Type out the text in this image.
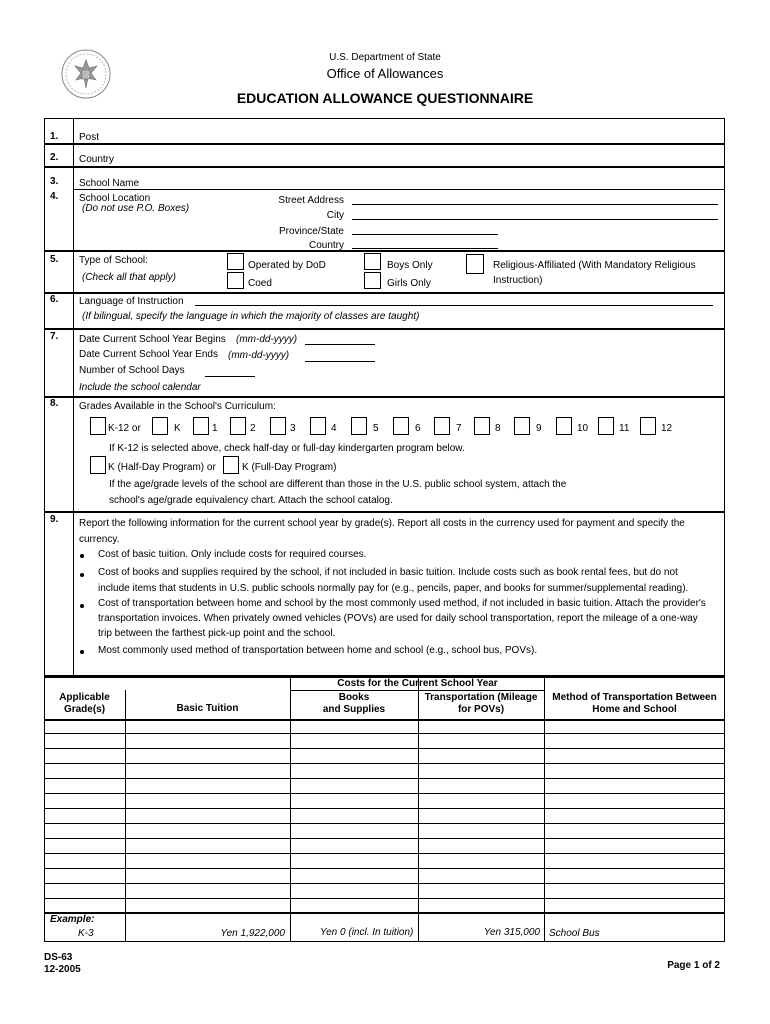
U.S. Department of State
Office of Allowances
EDUCATION ALLOWANCE QUESTIONNAIRE
1. Post
2. Country
3. School Name
4. School Location
(Do not use P.O. Boxes)
Street Address
City
Province/State
Country
5. Type of School:
(Check all that apply)
Operated by DoD
Coed
Boys Only
Girls Only
Religious-Affiliated (With Mandatory Religious
Instruction)
6. Language of Instruction
(If bilingual, specify the language in which the majority of classes are taught)
7. Date Current School Year Begins (mm-dd-yyyy)
Date Current School Year Ends (mm-dd-yyyy)
Number of School Days
Include the school calendar
8. Grades Available in the School's Curriculum:
K-12 or	K	1	2	3	4	5	6	7	8	9	10	11	12
If K-12 is selected above, check half-day or full-day kindergarten program below.
K (Half-Day Program) or	K (Full-Day Program)
If the age/grade levels of the school are different than those in the U.S. public school system, attach the
school's age/grade equivalency chart. Attach the school catalog.
9. Report the following information for the current school year by grade(s). Report all costs in the currency used for payment and specify the
currency.
Cost of basic tuition. Only include costs for required courses.
Cost of books and supplies required by the school, if not included in basic tuition. Include costs such as book rental fees, but do not
include items that students in U.S. public schools normally pay for (e.g., pencils, paper, and books for summer/supplemental reading).
Cost of transportation between home and school by the most commonly used method, if not included in basic tuition. Attach the provider's
transportation invoices. When privately owned vehicles (POVs) are used for daily school transportation, report the mileage of a one-way
trip between the farthest pick-up point and the school.
Most commonly used method of transportation between home and school (e.g., school bus, POVs).
Costs for the Current School Year
Applicable
Grade(s)	Basic Tuition
Books
and Supplies
Transportation (Mileage
for POVs)
Method of Transportation Between
Home and School
Example:
K-3	Yen 1,922,000	Yen 0 (incl. In tuition)	Yen 315,000 School Bus
DS-63
12-2005	Page 1 of 2
